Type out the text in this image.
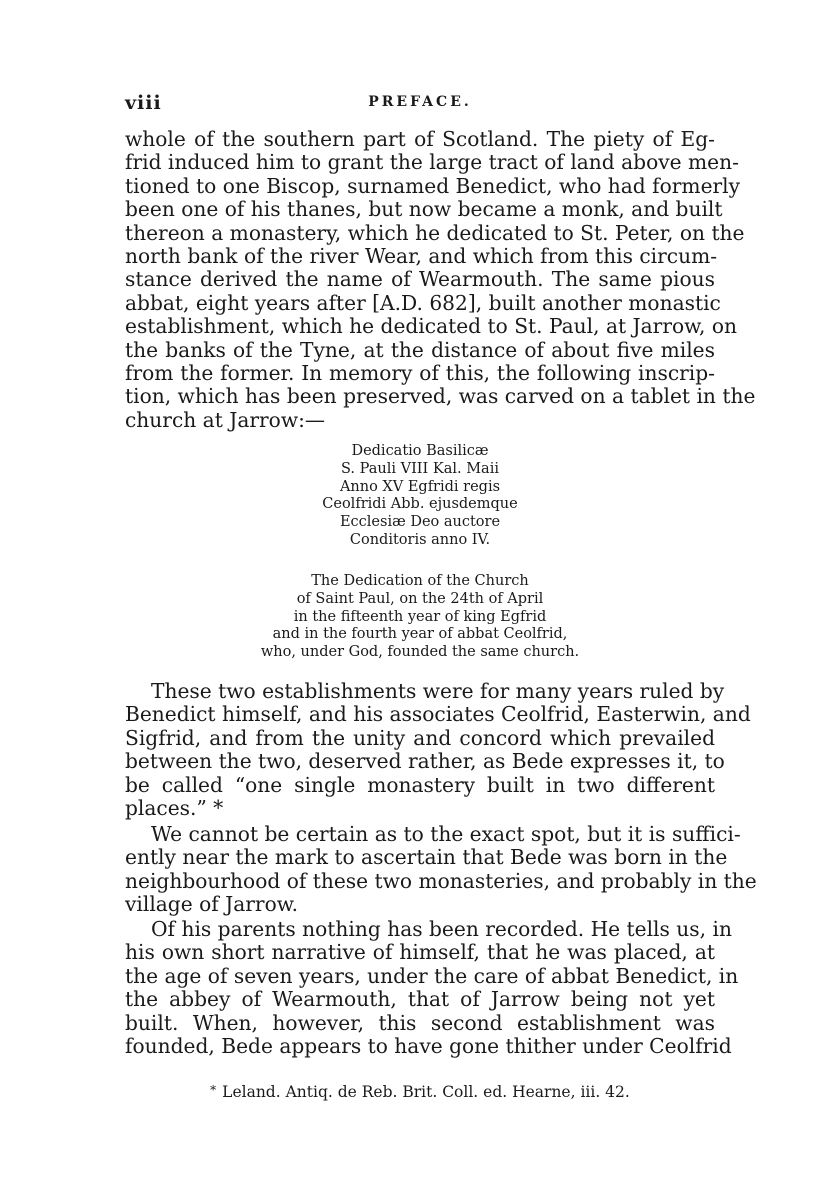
viii	PREFACE.
whole of the southern part of Scotland. The piety of Eg-
frid induced him to grant the large tract of land above men-
tioned to one Biscop, surnamed Benedict, who had formerly
been one of his thanes, but now became a monk, and built
thereon a monastery, which he dedicated to St. Peter, on the
north bank of the river Wear, and which from this circum-
stance derived the name of Wearmouth. The same pious
abbat, eight years after [A.D. 682], built another monastic
establishment, which he dedicated to St. Paul, at Jarrow, on
the banks of the Tyne, at the distance of about five miles
from the former. In memory of this, the following inscrip-
tion, which has been preserved, was carved on a tablet in the
church at Jarrow:—
Dedicatio Basilicæ
S. Pauli VIII Kal. Maii
Anno XV Egfridi regis
Ceolfridi Abb. ejusdemque
Ecclesiæ Deo auctore
Conditoris anno IV.
The Dedication of the Church
of Saint Paul, on the 24th of April
in the fifteenth year of king Egfrid
and in the fourth year of abbat Ceolfrid,
who, under God, founded the same church.
These two establishments were for many years ruled by
Benedict himself, and his associates Ceolfrid, Easterwin, and
Sigfrid, and from the unity and concord which prevailed
between the two, deserved rather, as Bede expresses it, to
be called “one single monastery built in two different
places.” *
We cannot be certain as to the exact spot, but it is suffici-
ently near the mark to ascertain that Bede was born in the
neighbourhood of these two monasteries, and probably in the
village of Jarrow.
Of his parents nothing has been recorded. He tells us, in
his own short narrative of himself, that he was placed, at
the age of seven years, under the care of abbat Benedict, in
the abbey of Wearmouth, that of Jarrow being not yet
built. When, however, this second establishment was
founded, Bede appears to have gone thither under Ceolfrid
* Leland. Antiq. de Reb. Brit. Coll. ed. Hearne, iii. 42.
